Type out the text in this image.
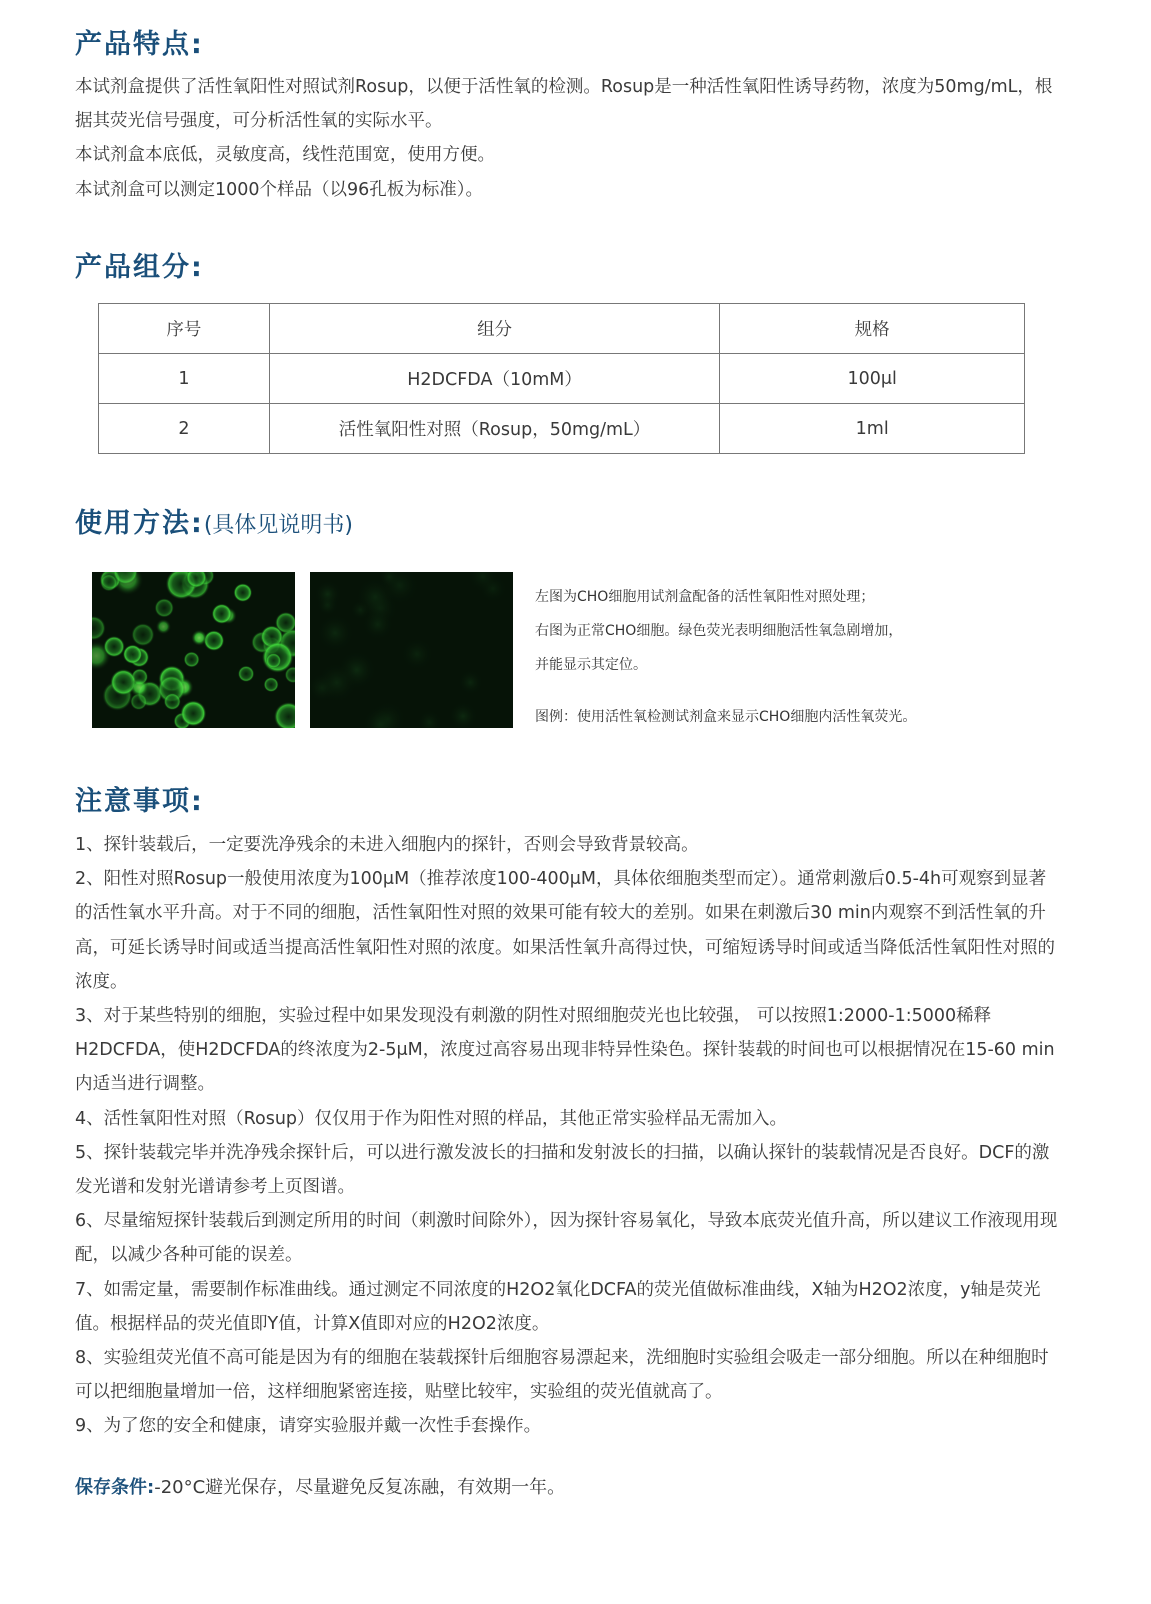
产品特点:

本试剂盒提供了活性氧阳性对照试剂Rosup，以便于活性氧的检测。Rosup是一种活性氧阳性诱导药物，浓度为50mg/mL，根据其荧光信号强度，可分析活性氧的实际水平。

本试剂盒本底低，灵敏度高，线性范围宽，使用方便。

本试剂盒可以测定1000个样品（以96孔板为标准）。

产品组分:
序号	组分	规格
1	H2DCFDA（10mM）	100μl
2	活性氧阳性对照（Rosup，50mg/mL）	1ml
使用方法:(具体见说明书)
左图为CHO细胞用试剂盒配备的活性氧阳性对照处理；
右图为正常CHO细胞。绿色荧光表明细胞活性氧急剧增加，
并能显示其定位。
图例：使用活性氧检测试剂盒来显示CHO细胞内活性氧荧光。
注意事项:

1、探针装载后，一定要洗净残余的未进入细胞内的探针，否则会导致背景较高。

2、阳性对照Rosup一般使用浓度为100μM（推荐浓度100-400μM，具体依细胞类型而定）。通常刺激后0.5-4h可观察到显著的活性氧水平升高。对于不同的细胞，活性氧阳性对照的效果可能有较大的差别。如果在刺激后30 min内观察不到活性氧的升高，可延长诱导时间或适当提高活性氧阳性对照的浓度。如果活性氧升高得过快，可缩短诱导时间或适当降低活性氧阳性对照的浓度。

3、对于某些特别的细胞，实验过程中如果发现没有刺激的阴性对照细胞荧光也比较强， 可以按照1:2000-1:5000稀释H2DCFDA，使H2DCFDA的终浓度为2-5μM，浓度过高容易出现非特异性染色。探针装载的时间也可以根据情况在15-60 min内适当进行调整。

4、活性氧阳性对照（Rosup）仅仅用于作为阳性对照的样品，其他正常实验样品无需加入。

5、探针装载完毕并洗净残余探针后，可以进行激发波长的扫描和发射波长的扫描，以确认探针的装载情况是否良好。DCF的激发光谱和发射光谱请参考上页图谱。

6、尽量缩短探针装载后到测定所用的时间（刺激时间除外），因为探针容易氧化，导致本底荧光值升高，所以建议工作液现用现配，以减少各种可能的误差。

7、如需定量，需要制作标准曲线。通过测定不同浓度的H2O2氧化DCFA的荧光值做标准曲线，X轴为H2O2浓度，y轴是荧光值。根据样品的荧光值即Y值，计算X值即对应的H2O2浓度。

8、实验组荧光值不高可能是因为有的细胞在装载探针后细胞容易漂起来，洗细胞时实验组会吸走一部分细胞。所以在种细胞时可以把细胞量增加一倍，这样细胞紧密连接，贴壁比较牢，实验组的荧光值就高了。

9、为了您的安全和健康，请穿实验服并戴一次性手套操作。

保存条件:-20°C避光保存，尽量避免反复冻融，有效期一年。
